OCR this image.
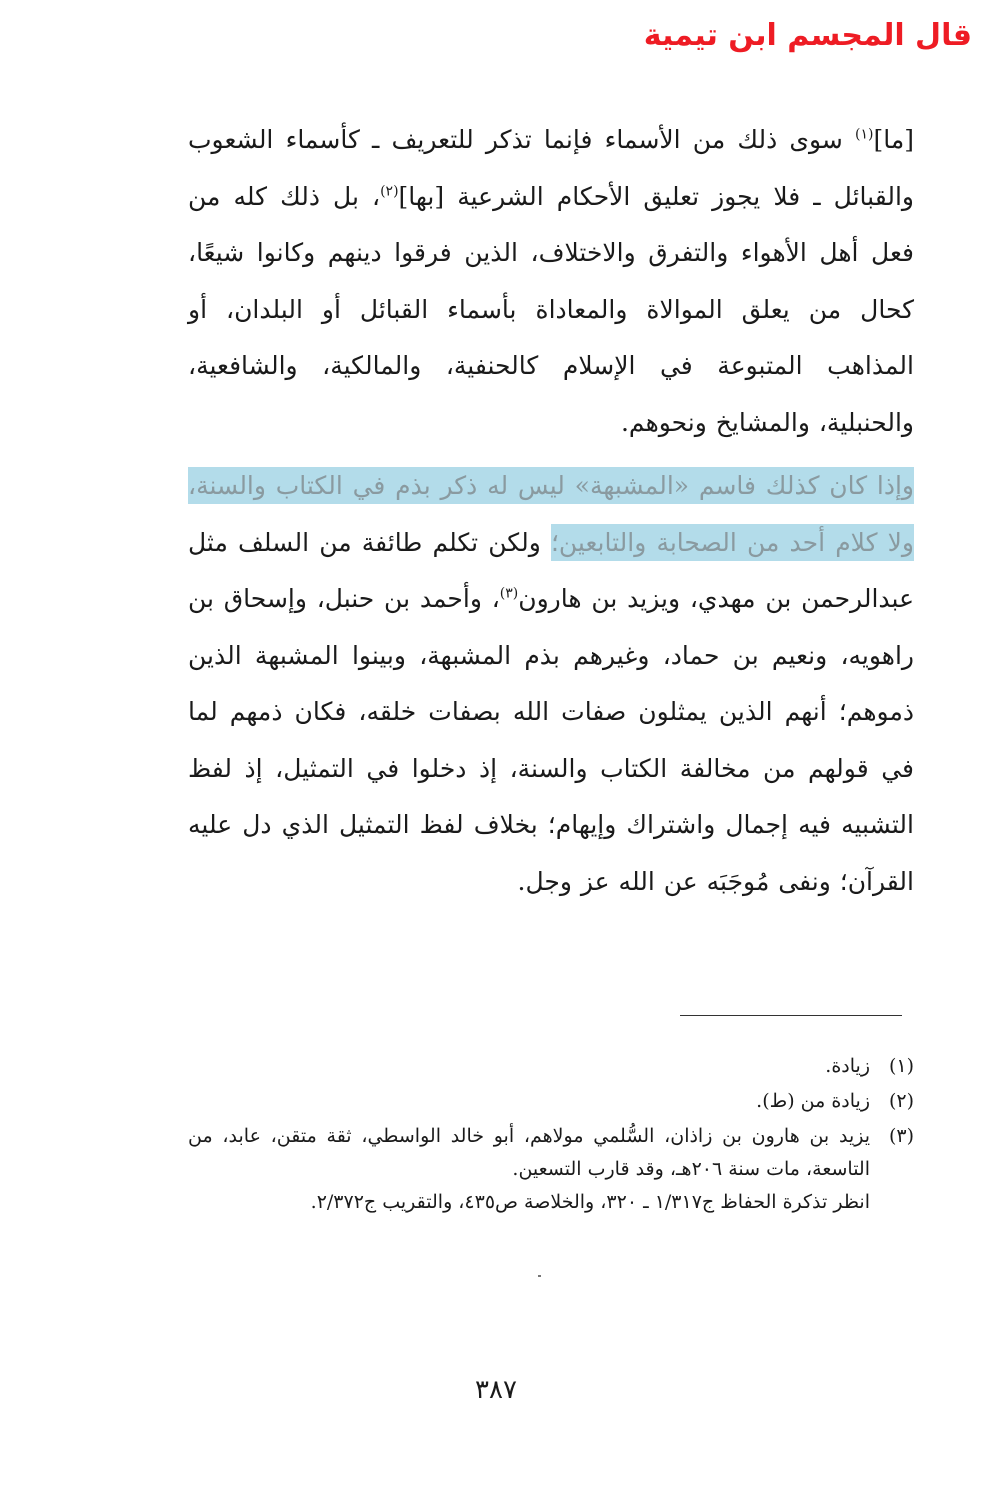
قال المجسم ابن تيمية

[ما]$^{(١)}$ سوى ذلك من الأسماء فإنما تذكر للتعريف ـ كأسماء الشعوب والقبائل ـ فلا يجوز تعليق الأحكام الشرعية [بها]$^{(٢)}$، بل ذلك كله من فعل أهل الأهواء والتفرق والاختلاف، الذين فرقوا دينهم وكانوا شيعًا، كحال من يعلق الموالاة والمعاداة بأسماء القبائل أو البلدان، أو المذاهب المتبوعة في الإسلام كالحنفية، والمالكية، والشافعية، والحنبلية، والمشايخ ونحوهم.

وإذا كان كذلك فاسم «المشبهة» ليس له ذكر بذم في الكتاب والسنة، ولا كلام أحد من الصحابة والتابعين؛ ولكن تكلم طائفة من السلف مثل عبدالرحمن بن مهدي، ويزيد بن هارون$^{(٣)}$، وأحمد بن حنبل، وإسحاق بن راهويه، ونعيم بن حماد، وغيرهم بذم المشبهة، وبينوا المشبهة الذين ذموهم؛ أنهم الذين يمثلون صفات الله بصفات خلقه، فكان ذمهم لما في قولهم من مخالفة الكتاب والسنة، إذ دخلوا في التمثيل، إذ لفظ التشبيه فيه إجمال واشتراك وإيهام؛ بخلاف لفظ التمثيل الذي دل عليه القرآن؛ ونفى مُوجَبَه عن الله عز وجل.

(١)

زيادة.

(٢)

زيادة من (ط).

(٣)

يزيد بن هارون بن زاذان، السُّلمي مولاهم، أبو خالد الواسطي، ثقة متقن، عابد، من التاسعة، مات سنة ٢٠٦هـ، وقد قارب التسعين.

انظر تذكرة الحفاظ ج١/٣١٧ ـ ٣٢٠، والخلاصة ص٤٣٥، والتقريب ج٢/٣٧٢.

٣٨٧
